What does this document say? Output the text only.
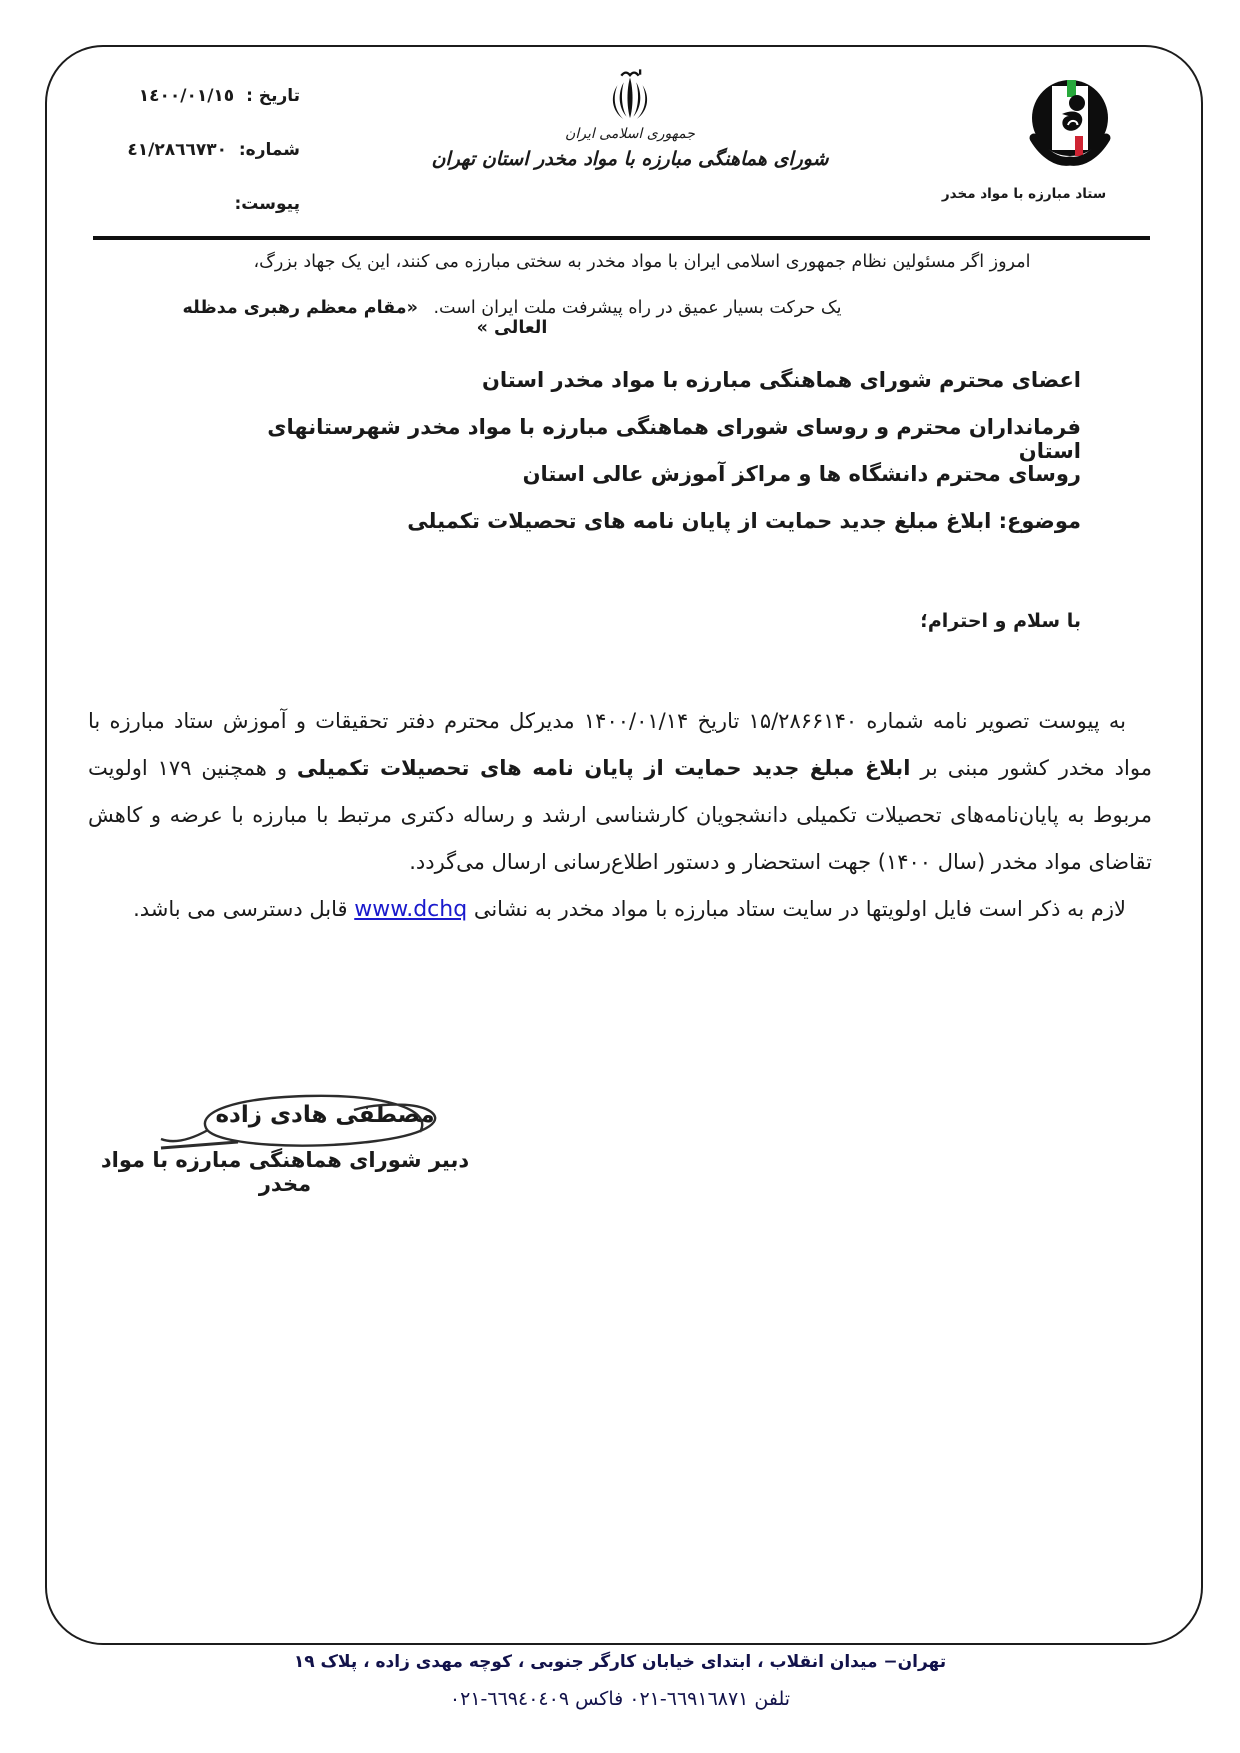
تاریخ : ١٤٠٠/٠١/١٥
شماره: ٤١/٢٨٦٦٧٣٠
پیوست:
جمهوری اسلامی ایران
شورای هماهنگی مبارزه با مواد مخدر استان تهران
ستاد مبارزه با مواد مخدر
امروز اگر مسئولین نظام جمهوری اسلامی ایران با مواد مخدر به سختی مبارزه می کنند، این یک جهاد بزرگ،
یک حرکت بسیار عمیق در راه پیشرفت ملت ایران است. «مقام معظم رهبری مدظله العالی »
اعضای محترم شورای هماهنگی مبارزه با مواد مخدر استان
فرمانداران محترم و روسای شورای هماهنگی مبارزه با مواد مخدر شهرستانهای استان
روسای محترم دانشگاه ها و مراکز آموزش عالی استان
موضوع: ابلاغ مبلغ جدید حمایت از پایان نامه های تحصیلات تکمیلی
با سلام و احترام؛

به پیوست تصویر نامه شماره ۱۵/۲۸۶۶۱۴۰ تاریخ ۱۴۰۰/۰۱/۱۴ مدیرکل محترم دفتر تحقیقات و آموزش ستاد مبارزه با مواد مخدر کشور مبنی بر ابلاغ مبلغ جدید حمایت از پایان نامه های تحصیلات تکمیلی و همچنین ۱۷۹ اولویت مربوط به پایان‌نامه‌های تحصیلات تکمیلی دانشجویان کارشناسی ارشد و رساله دکتری مرتبط با مبارزه با عرضه و کاهش تقاضای مواد مخدر (سال ۱۴۰۰) جهت استحضار و دستور اطلاع‌رسانی ارسال می‌گردد.

لازم به ذکر است فایل اولویتها در سایت ستاد مبارزه با مواد مخدر به نشانی www.dchq قابل دسترسی می باشد.

مصطفی هادی زاده
دبیر شورای هماهنگی مبارزه با مواد مخدر
تهران− میدان انقلاب ، ابتدای خیابان کارگر جنوبی ، کوچه مهدی زاده ، پلاک ۱۹
تلفن ٦٦٩١٦٨٧١-٠٢١ فاکس ٦٦٩٤٠٤٠٩-٠٢١
